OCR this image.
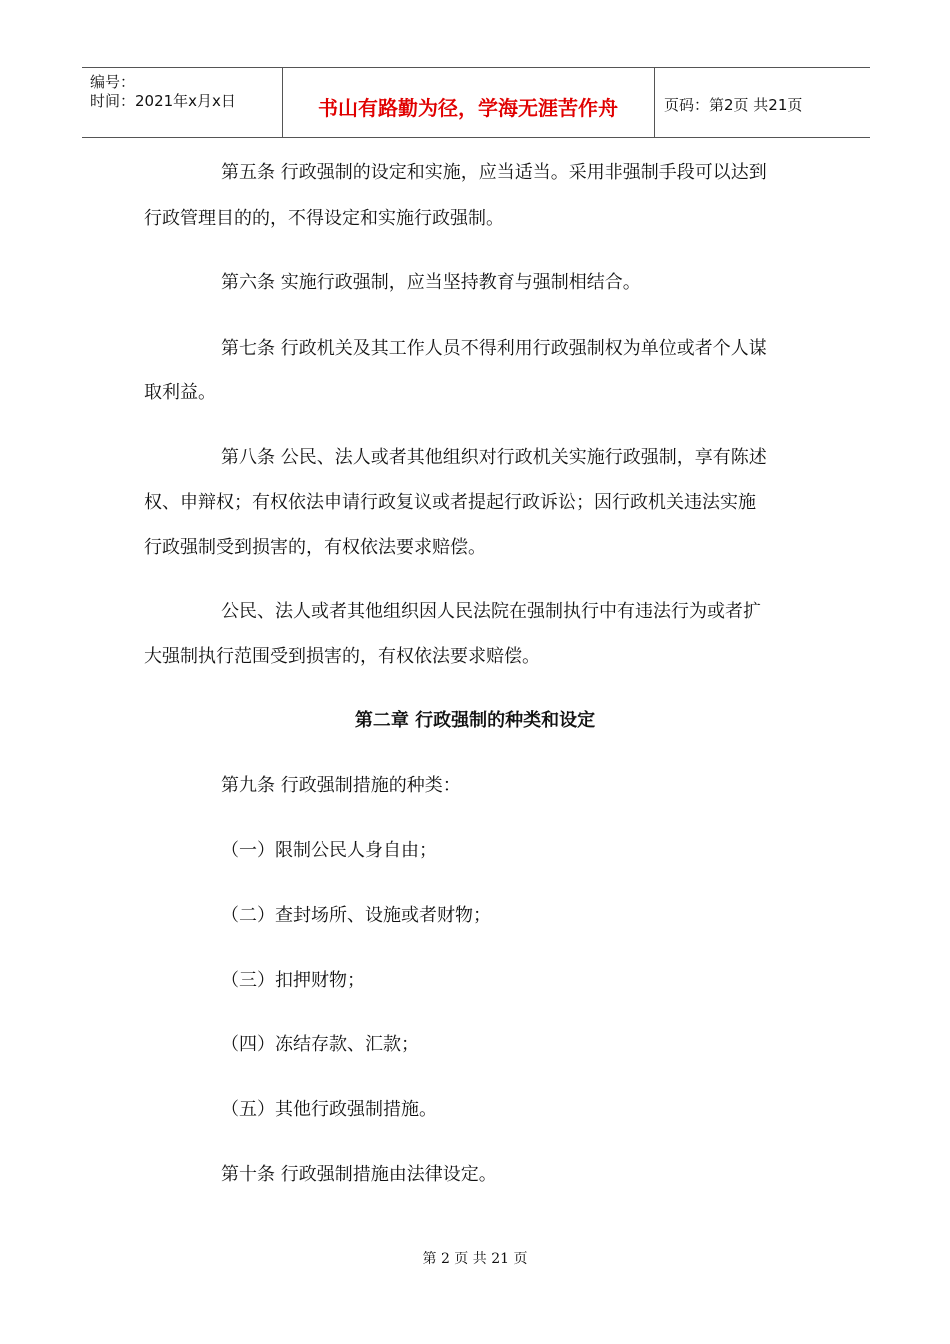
编号：
时间：2021年x月x日	书山有路勤为径，学海无涯苦作舟	页码：第2页 共21页
第五条 行政强制的设定和实施，应当适当。采用非强制手段可以达到
行政管理目的的，不得设定和实施行政强制。
第六条 实施行政强制，应当坚持教育与强制相结合。
第七条 行政机关及其工作人员不得利用行政强制权为单位或者个人谋
取利益。
第八条 公民、法人或者其他组织对行政机关实施行政强制，享有陈述
权、申辩权；有权依法申请行政复议或者提起行政诉讼；因行政机关违法实施
行政强制受到损害的，有权依法要求赔偿。
公民、法人或者其他组织因人民法院在强制执行中有违法行为或者扩
大强制执行范围受到损害的，有权依法要求赔偿。
第二章 行政强制的种类和设定
第九条 行政强制措施的种类：
（一）限制公民人身自由；
（二）查封场所、设施或者财物；
（三）扣押财物；
（四）冻结存款、汇款；
（五）其他行政强制措施。
第十条 行政强制措施由法律设定。
第 2 页 共 21 页
